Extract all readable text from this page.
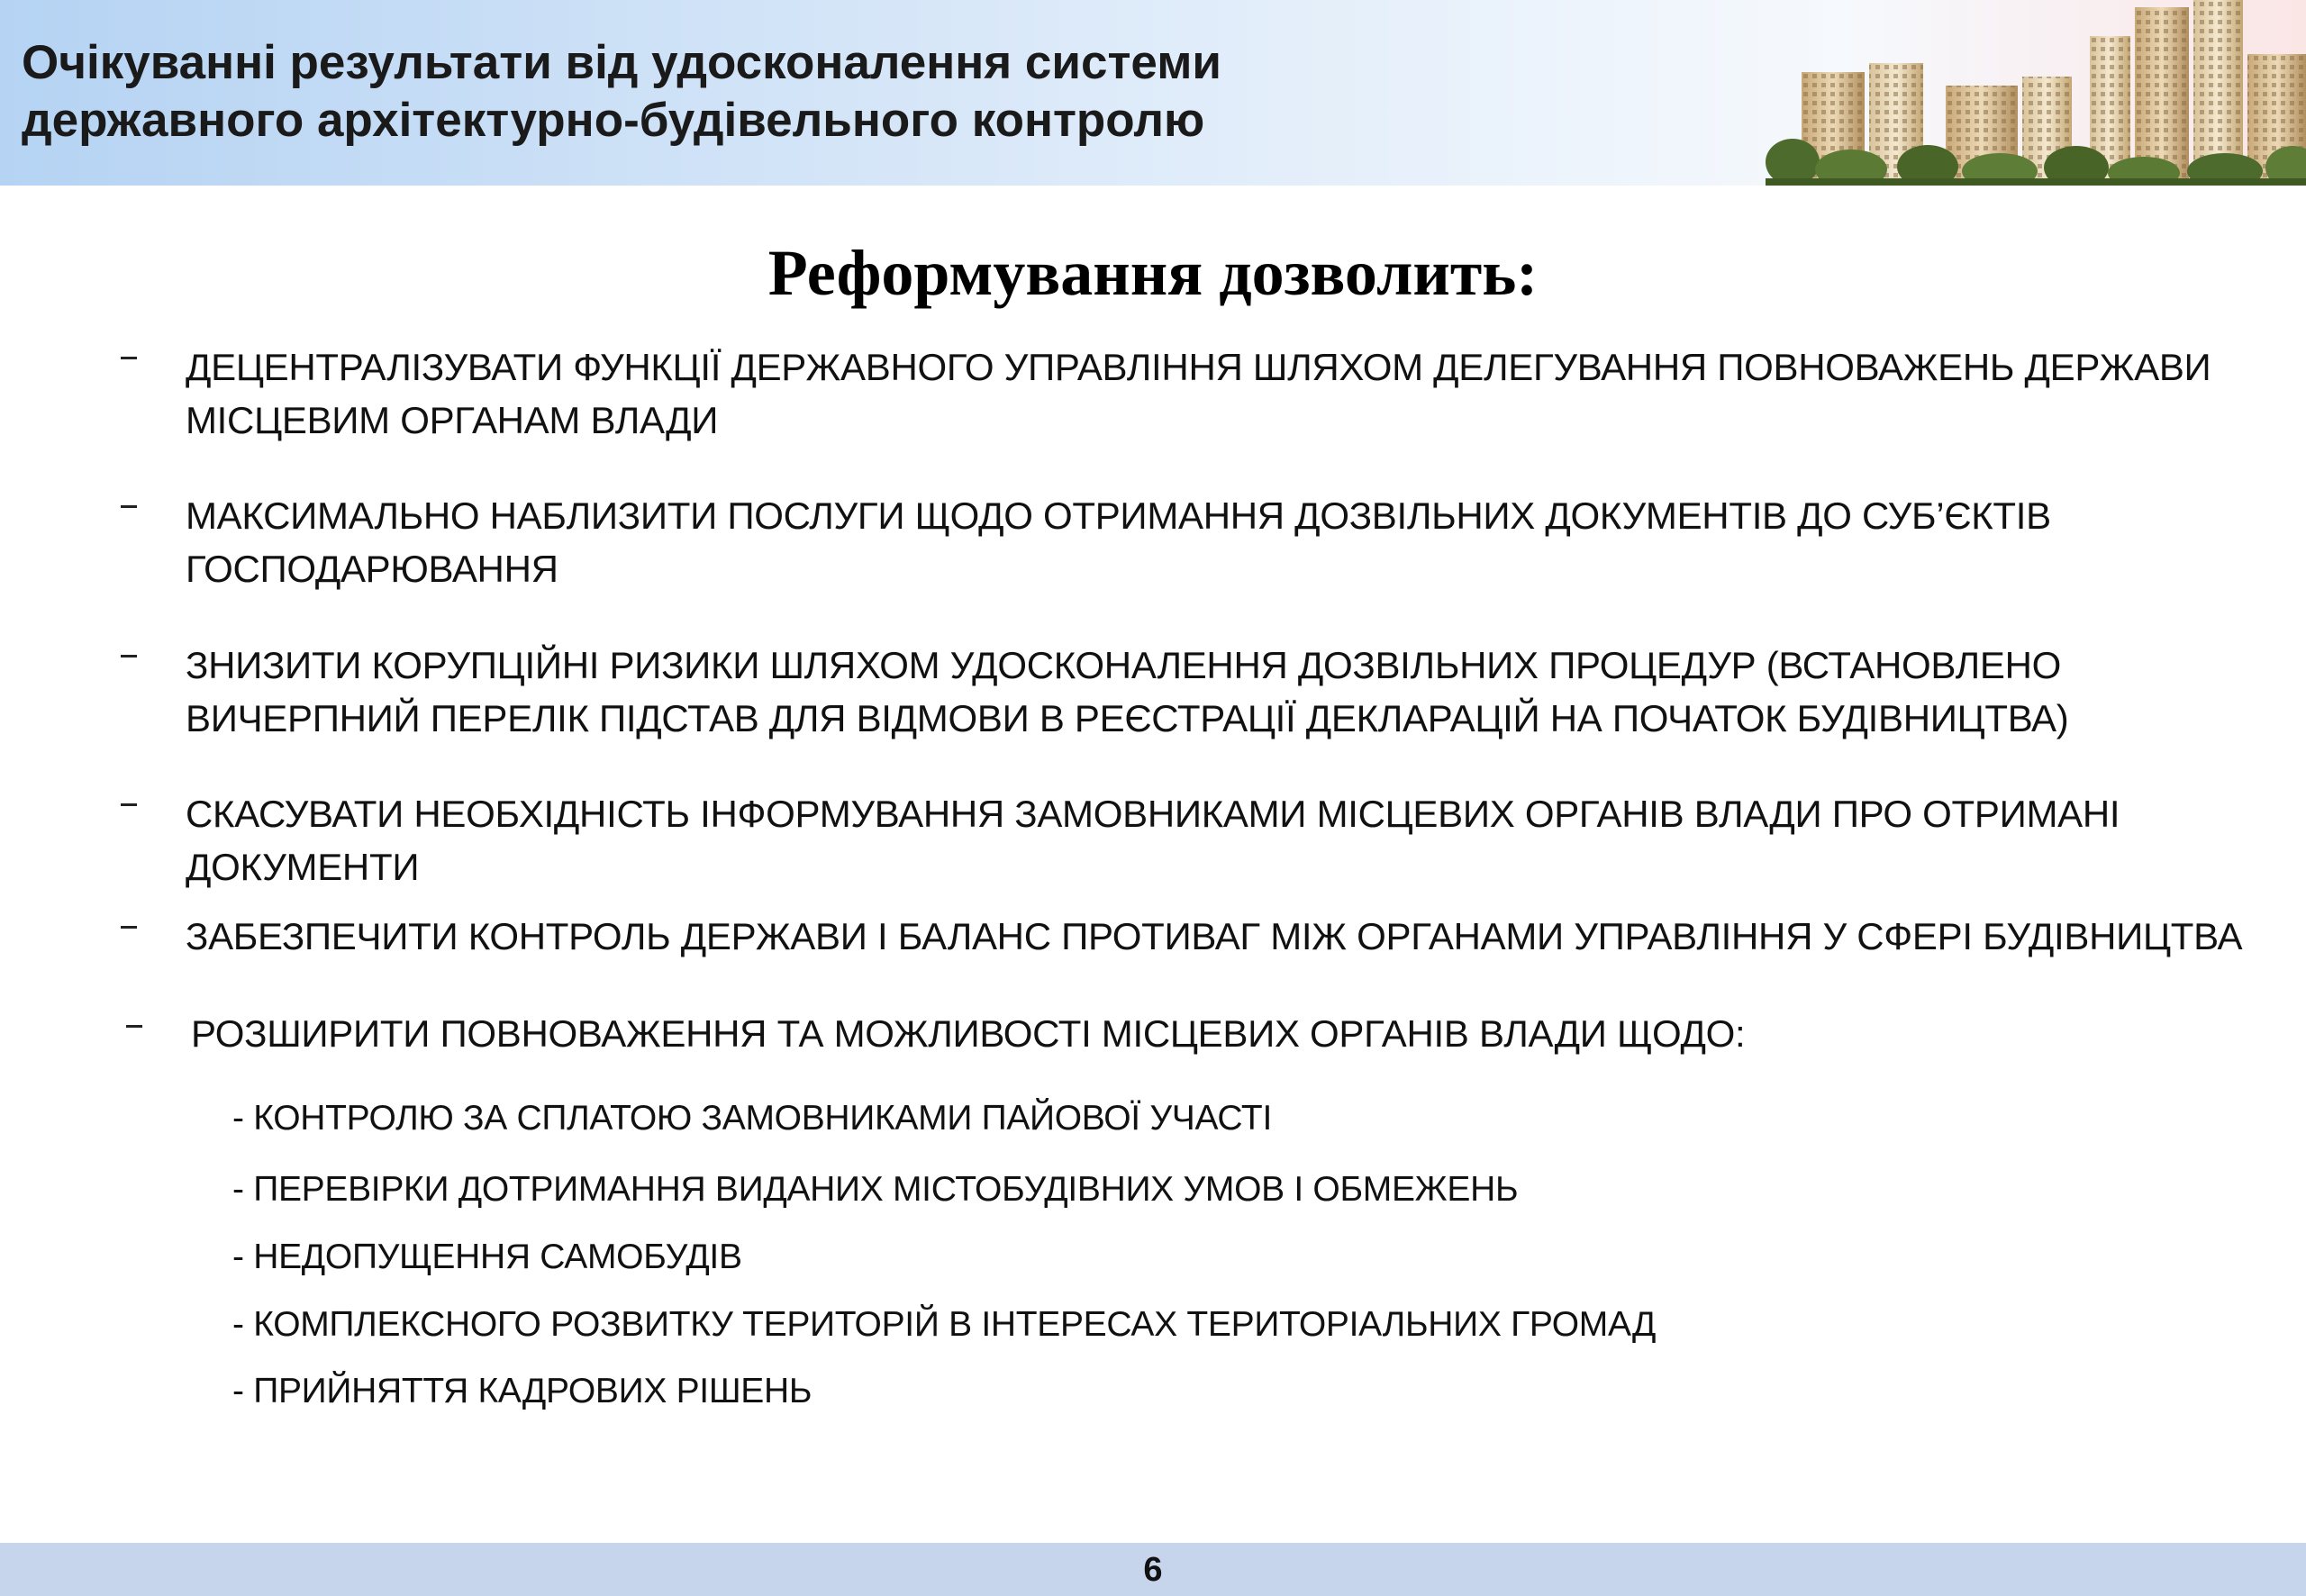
Очікуванні результати від удосконалення системи
державного архітектурно-будівельного контролю
Реформування дозволить:
ДЕЦЕНТРАЛІЗУВАТИ ФУНКЦІЇ ДЕРЖАВНОГО УПРАВЛІННЯ ШЛЯХОМ ДЕЛЕГУВАННЯ ПОВНОВАЖЕНЬ ДЕРЖАВИ
МІСЦЕВИМ ОРГАНАМ ВЛАДИ
МАКСИМАЛЬНО НАБЛИЗИТИ ПОСЛУГИ ЩОДО ОТРИМАННЯ ДОЗВІЛЬНИХ ДОКУМЕНТІВ ДО СУБ’ЄКТІВ
ГОСПОДАРЮВАННЯ
ЗНИЗИТИ КОРУПЦІЙНІ РИЗИКИ ШЛЯХОМ УДОСКОНАЛЕННЯ ДОЗВІЛЬНИХ ПРОЦЕДУР (ВСТАНОВЛЕНО
ВИЧЕРПНИЙ ПЕРЕЛІК ПІДСТАВ ДЛЯ ВІДМОВИ В РЕЄСТРАЦІЇ ДЕКЛАРАЦІЙ НА ПОЧАТОК БУДІВНИЦТВА)
СКАСУВАТИ НЕОБХІДНІСТЬ ІНФОРМУВАННЯ ЗАМОВНИКАМИ МІСЦЕВИХ ОРГАНІВ ВЛАДИ ПРО ОТРИМАНІ
ДОКУМЕНТИ
ЗАБЕЗПЕЧИТИ КОНТРОЛЬ ДЕРЖАВИ І БАЛАНС ПРОТИВАГ МІЖ ОРГАНАМИ УПРАВЛІННЯ У СФЕРІ БУДІВНИЦТВА
РОЗШИРИТИ ПОВНОВАЖЕННЯ ТА МОЖЛИВОСТІ МІСЦЕВИХ ОРГАНІВ ВЛАДИ ЩОДО:
- КОНТРОЛЮ ЗА СПЛАТОЮ ЗАМОВНИКАМИ ПАЙОВОЇ УЧАСТІ
- ПЕРЕВІРКИ ДОТРИМАННЯ ВИДАНИХ МІСТОБУДІВНИХ УМОВ І ОБМЕЖЕНЬ
- НЕДОПУЩЕННЯ САМОБУДІВ
- КОМПЛЕКСНОГО РОЗВИТКУ ТЕРИТОРІЙ В ІНТЕРЕСАХ ТЕРИТОРІАЛЬНИХ ГРОМАД
- ПРИЙНЯТТЯ КАДРОВИХ РІШЕНЬ
6
